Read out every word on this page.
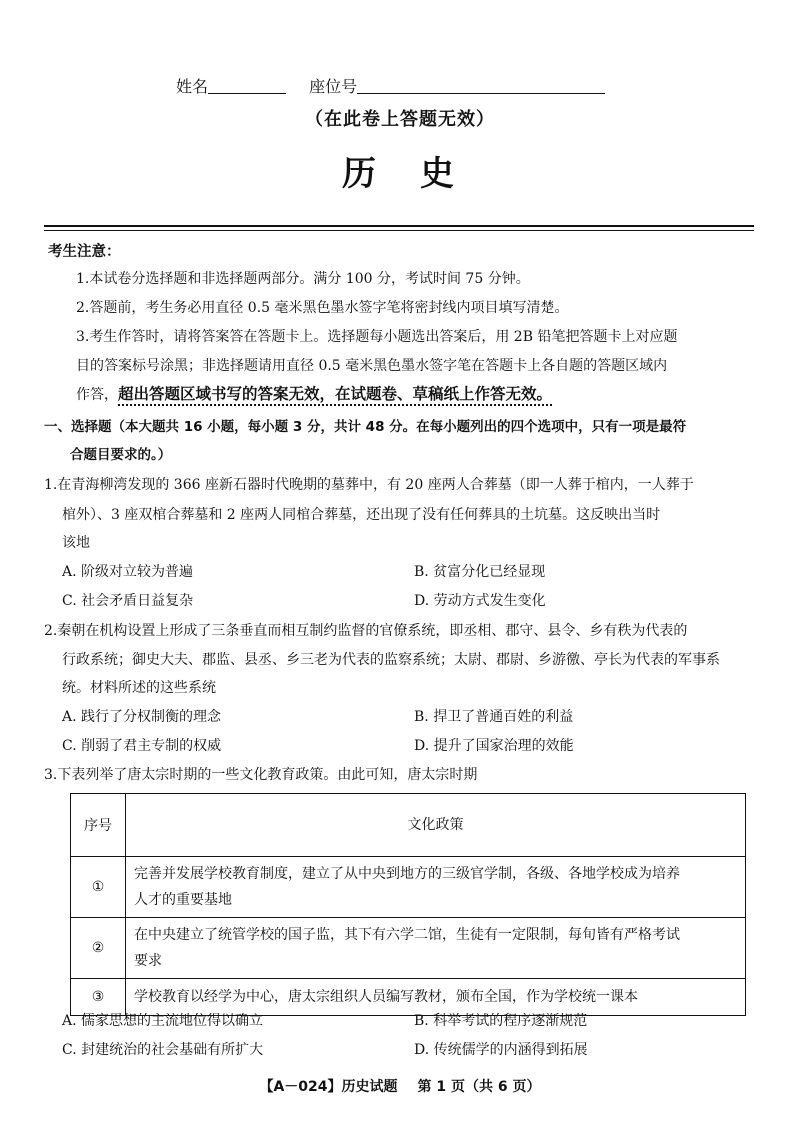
姓名	座位号
（在此卷上答题无效）
历史
考生注意：
1.本试卷分选择题和非选择题两部分。满分 100 分，考试时间 75 分钟。
2.答题前，考生务必用直径 0.5 毫米黑色墨水签字笔将密封线内项目填写清楚。
3.考生作答时，请将答案答在答题卡上。选择题每小题选出答案后，用 2B 铅笔把答题卡上对应题
目的答案标号涂黑；非选择题请用直径 0.5 毫米黑色墨水签字笔在答题卡上各自题的答题区域内
作答，超出答题区域书写的答案无效，在试题卷、草稿纸上作答无效。
一、选择题（本大题共 16 小题，每小题 3 分，共计 48 分。在每小题列出的四个选项中，只有一项是最符
合题目要求的。）
1.在青海柳湾发现的 366 座新石器时代晚期的墓葬中，有 20 座两人合葬墓（即一人葬于棺内，一人葬于
棺外）、3 座双棺合葬墓和 2 座两人同棺合葬墓，还出现了没有任何葬具的土坑墓。这反映出当时
该地
A. 阶级对立较为普遍	B. 贫富分化已经显现
C. 社会矛盾日益复杂	D. 劳动方式发生变化
2.秦朝在机构设置上形成了三条垂直而相互制约监督的官僚系统，即丞相、郡守、县令、乡有秩为代表的
行政系统；御史大夫、郡监、县丞、乡三老为代表的监察系统；太尉、郡尉、乡游徼、亭长为代表的军事系
统。材料所述的这些系统
A. 践行了分权制衡的理念	B. 捍卫了普通百姓的利益
C. 削弱了君主专制的权威	D. 提升了国家治理的效能
3.下表列举了唐太宗时期的一些文化教育政策。由此可知，唐太宗时期
序号	文化政策
①	完善并发展学校教育制度，建立了从中央到地方的三级官学制，各级、各地学校成为培养
人才的重要基地

②	在中央建立了统管学校的国子监，其下有六学二馆，生徒有一定限制，每旬皆有严格考试
要求

③	学校教育以经学为中心，唐太宗组织人员编写教材，颁布全国，作为学校统一课本
A. 儒家思想的主流地位得以确立	B. 科举考试的程序逐渐规范
C. 封建统治的社会基础有所扩大	D. 传统儒学的内涵得到拓展
【A－024】历史试题 第 1 页（共 6 页）
